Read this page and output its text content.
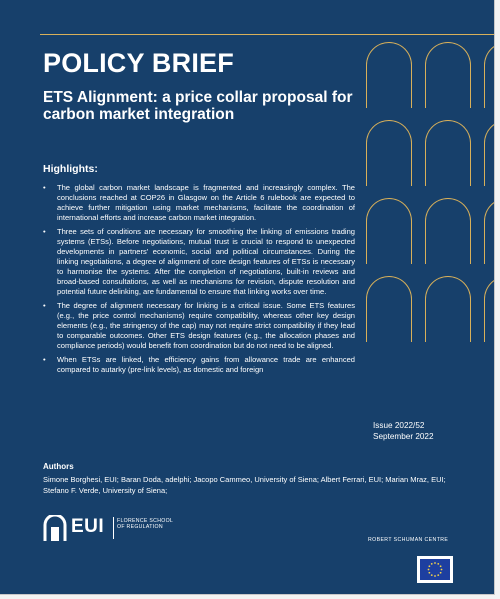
POLICY BRIEF
ETS Alignment: a price collar proposal for carbon market integration
Highlights:
• The global carbon market landscape is fragmented and increasingly complex. The conclusions reached at COP26 in Glasgow on the Article 6 rulebook are expected to achieve further mitigation using market mechanisms, facilitate the coordination of international efforts and increase carbon market integration.
• Three sets of conditions are necessary for smoothing the linking of emissions trading systems (ETSs). Before negotiations, mutual trust is crucial to respond to unexpected developments in partners’ economic, social and political circumstances. During the linking negotiations, a degree of alignment of core design features of ETSs is necessary to harmonise the systems. After the completion of negotiations, built-in reviews and broad-based consultations, as well as mechanisms for revision, dispute resolution and potential future delinking, are fundamental to ensure that linking works over time.
• The degree of alignment necessary for linking is a critical issue. Some ETS features (e.g., the price control mechanisms) require compatibility, whereas other key design elements (e.g., the stringency of the cap) may not require strict compatibility if they lead to comparable outcomes. Other ETS design features (e.g., the allocation phases and compliance periods) would benefit from coordination but do not need to be aligned.
• When ETSs are linked, the efficiency gains from allowance trade are enhanced compared to autarky (pre-link levels), as domestic and foreign
Issue 2022/52
September 2022
Authors

Simone Borghesi, EUI; Baran Doda, adelphi; Jacopo Cammeo, University of Siena; Albert Ferrari, EUI; Marian Mraz, EUI; Stefano F. Verde, University of Siena;

EUI FLORENCE SCHOOL OF REGULATION
ROBERT SCHUMAN CENTRE
